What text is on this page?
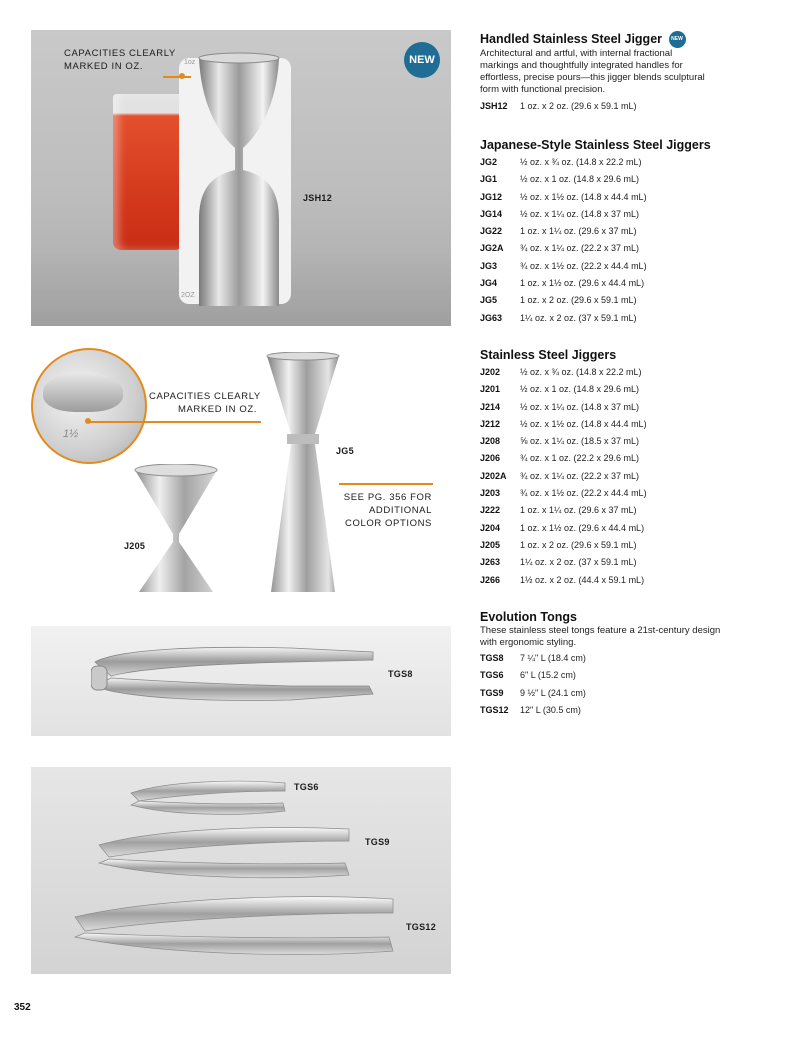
1oz
2OZ
NEW
CAPACITIES CLEARLY
MARKED IN OZ.
JSH12
1½
CAPACITIES CLEARLY
MARKED IN OZ.
J205
JG5
SEE PG. 356 FOR
ADDITIONAL
COLOR OPTIONS
TGS8
TGS6
TGS9
TGS12
Handled Stainless Steel Jigger NEW

Architectural and artful, with internal fractional markings and thoughtfully integrated handles for effortless, precise pours—this jigger blends sculptural form with functional precision.

JSH12	1 oz. x 2 oz. (29.6 x 59.1 mL)
Japanese-Style Stainless Steel Jiggers
JG2	½ oz. x ¾ oz. (14.8 x 22.2 mL)
JG1	½ oz. x 1 oz. (14.8 x 29.6 mL)
JG12	½ oz. x 1½ oz. (14.8 x 44.4 mL)
JG14	½ oz. x 1¼ oz. (14.8 x 37 mL)
JG22	1 oz. x 1¼ oz. (29.6 x 37 mL)
JG2A	¾ oz. x 1¼ oz. (22.2 x 37 mL)
JG3	¾ oz. x 1½ oz. (22.2 x 44.4 mL)
JG4	1 oz. x 1½ oz. (29.6 x 44.4 mL)
JG5	1 oz. x 2 oz. (29.6 x 59.1 mL)
JG63	1¼ oz. x 2 oz. (37 x 59.1 mL)
Stainless Steel Jiggers
J202	½ oz. x ¾ oz. (14.8 x 22.2 mL)
J201	½ oz. x 1 oz. (14.8 x 29.6 mL)
J214	½ oz. x 1¼ oz. (14.8 x 37 mL)
J212	½ oz. x 1½ oz. (14.8 x 44.4 mL)
J208	⅝ oz. x 1¼ oz. (18.5 x 37 mL)
J206	¾ oz. x 1 oz. (22.2 x 29.6 mL)
J202A	¾ oz. x 1¼ oz. (22.2 x 37 mL)
J203	¾ oz. x 1½ oz. (22.2 x 44.4 mL)
J222	1 oz. x 1¼ oz. (29.6 x 37 mL)
J204	1 oz. x 1½ oz. (29.6 x 44.4 mL)
J205	1 oz. x 2 oz. (29.6 x 59.1 mL)
J263	1¼ oz. x 2 oz. (37 x 59.1 mL)
J266	1½ oz. x 2 oz. (44.4 x 59.1 mL)
Evolution Tongs

These stainless steel tongs feature a 21st-century design with ergonomic styling.

TGS8	7 ¼" L (18.4 cm)
TGS6	6" L (15.2 cm)
TGS9	9 ½" L (24.1 cm)
TGS12	12" L (30.5 cm)
352
